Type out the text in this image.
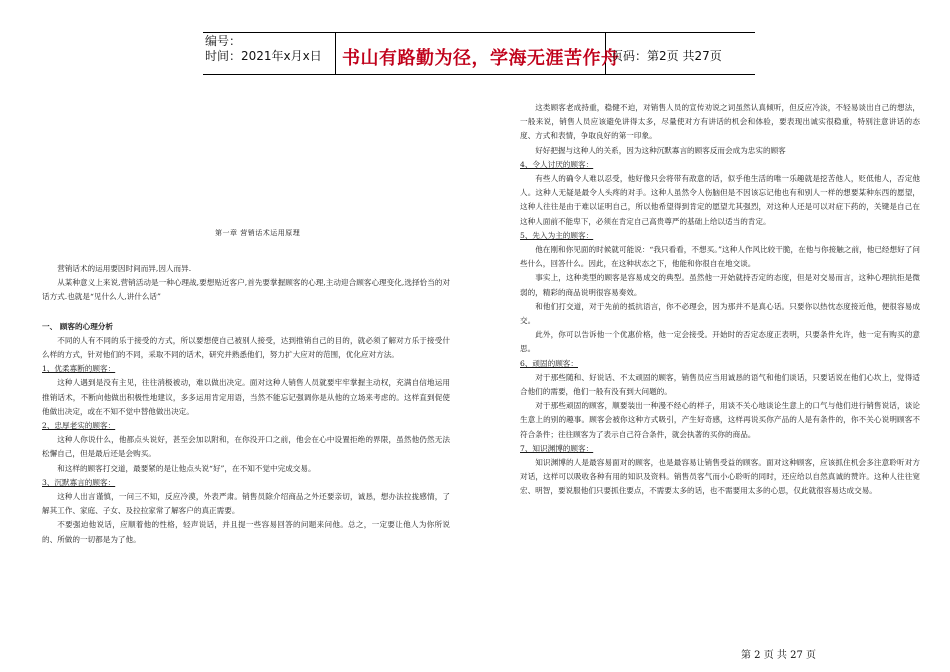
编号：
时间：2021年x月x日 书山有路勤为径，学海无涯苦作舟
页码：第2页 共27页
第一章 营销话术运用原理

营销话术的运用要因时间而异,因人而异.

从某种意义上来说,营销活动是一种心理战,要想贴近客户,首先要掌握顾客的心理,主动迎合顾客心理变化,选择恰当的对话方式.也就是“见什么人,讲什么话”

一、 顾客的心理分析

不同的人有不同的乐于接受的方式，所以要想使自己被别人接受，达到推销自己的目的，就必须了解对方乐于接受什么样的方式，针对他们的不同，采取不同的话术，研究并熟悉他们，努力扩大应对的范围，优化应对方法。

1、优柔寡断的顾客：

这种人遇到是没有主见，往往消极被动，难以做出决定。面对这种人销售人员就要牢牢掌握主动权，充满自信地运用推销话术，不断向他做出积极性地建议，多多运用肯定用语，当然不能忘记强调你是从他的立场来考虑的。这样直到促使他做出决定，或在不知不觉中替他做出决定。

2、忠厚老实的顾客：

这种人你说什么，他都点头说好，甚至会加以附和，在你没开口之前，他会在心中设置拒绝的界限，虽然他仍然无法松懈自己，但是最后还是会购买。

和这样的顾客打交道，最要紧的是让他点头说“好”，在不知不觉中完成交易。

3、沉默寡言的顾客：

这种人出言谨慎，一问三不知，反应冷漠，外表严肃。销售员除介绍商品之外还要亲切，诚恳，想办法拉拢感情，了解其工作、家庭、子女、及拉拉家常了解客户的真正需要。

不要强迫他说话，应顺着他的性格，轻声说话，并且提一些容易回答的问题来问他。总之，一定要让他人为你所说的、所做的一切都是为了他。

这类顾客老成持重，稳健不迫，对销售人员的宣传劝说之词虽然认真倾听，但反应冷淡，不轻易谈出自己的想法，一般来说，销售人员应该避免讲得太多，尽量使对方有讲话的机会和体验，要表现出诚实很稳重，特别注意讲话的态度、方式和表情，争取良好的第一印象。

好好把握与这种人的关系，因为这种沉默寡言的顾客反而会成为忠实的顾客

4、令人讨厌的顾客：

有些人的确令人难以忍受，他好像只会将带有敌意的话，似乎他生活的唯一乐趣就是挖苦他人，贬低他人，否定他人。这种人无疑是最令人头疼的对手。这种人虽然令人伤脑但是不因该忘记他也有和别人一样的想要某种东西的愿望，这种人往往是由于难以证明自己，所以他希望得到肯定的愿望尤其强烈，对这种人还是可以对症下药的，关键是自己在这种人面前不能卑下，必须在肯定自己高贵尊严的基础上给以适当的肯定。

5、先入为主的顾客：

他在刚和你见面的时候就可能说：“我只看看，不想买。”这种人作风比较干脆，在他与你接触之前，他已经想好了问些什么，回答什么。因此，在这种状态之下，他能和你很自在地交谈。

事实上，这种类型的顾客是容易成交的典型。虽然他一开始就持否定的态度，但是对交易而言，这种心理抗拒是微弱的，精彩的商品说明很容易奏效。

和他们打交道，对于先前的抵抗语言，你不必理会，因为那并不是真心话。只要你以热忱态度接近他，便很容易成交。

此外，你可以告诉他一个优惠价格，他一定会接受。开始时的否定态度正表明，只要条件允许，他一定有购买的意思。

6、顽固的顾客：

对于那些随和、好说话、不太顽固的顾客，销售员应当用诚恳的语气和他们谈话，只要话说在他们心坎上，觉得适合他们的需要，他们一般有没有到大问题的。

对于那些顽固的顾客，顺要装出一种漫不经心的样子，用谈不关心地谈论生意上的口气与他们进行销售说话，谈论生意上的别的趣事。顾客会被你这种方式吸引，产生好奇感，这样再说买你产品的人是有条件的，你不关心说明顾客不符合条件；往往顾客为了表示自己符合条件，就会执著的买你的商品。

7、知识渊博的顾客：

知识渊博的人是最容易面对的顾客，也是最容易让销售受益的顾客。面对这种顾客，应该抓住机会多注意聆听对方对话，这样可以吸收各种有用的知识及资料。销售员客气而小心聆听的同时，还应给以自然真诚的赞许。这种人往往宽宏、明智，要说服他们只要抓住要点，不需要太多的话，也不需要用太多的心思，仅此就很容易达成交易。

第 2 页 共 27 页
